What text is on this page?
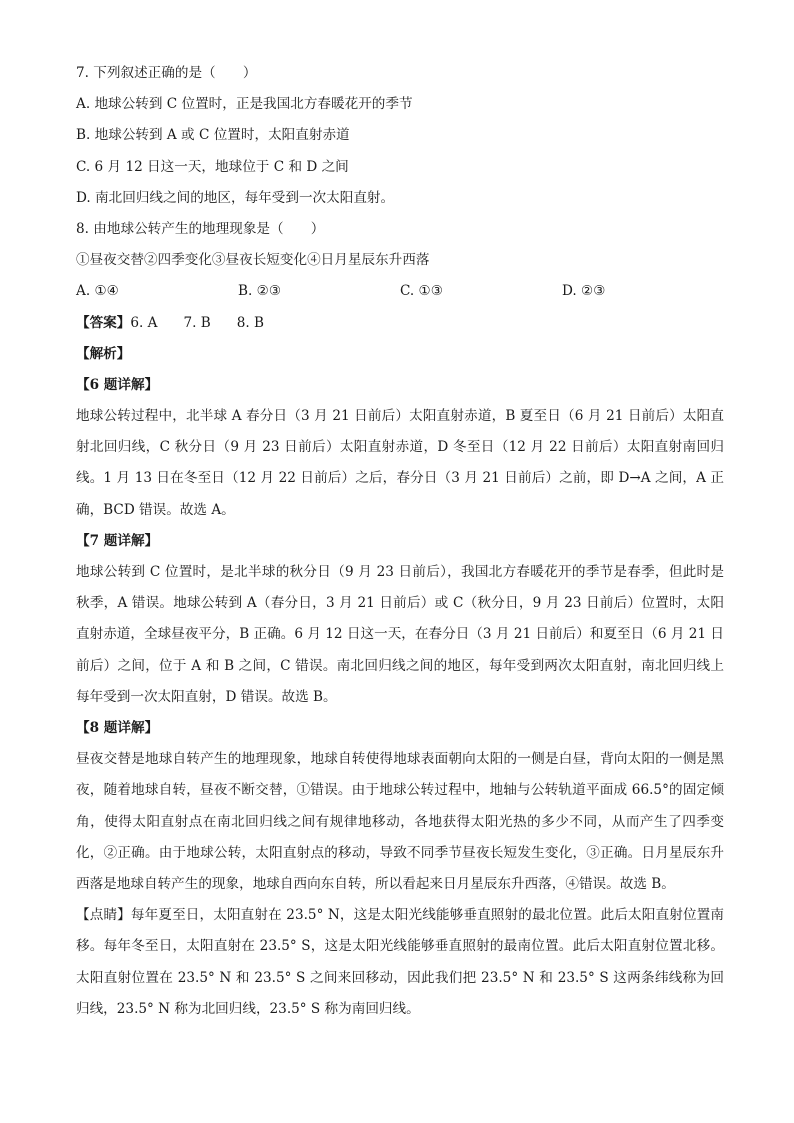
7. 下列叙述正确的是（　　）
A. 地球公转到 C 位置时，正是我国北方春暖花开的季节
B. 地球公转到 A 或 C 位置时，太阳直射赤道
C. 6 月 12 日这一天，地球位于 C 和 D 之间
D. 南北回归线之间的地区，每年受到一次太阳直射。
8. 由地球公转产生的地理现象是（　　）
①昼夜交替②四季变化③昼夜长短变化④日月星辰东升西落
A. ①④	B. ②③	C. ①③	D. ②③
【答案】6. A 7. B 8. B
【解析】
【6 题详解】

地球公转过程中，北半球 A 春分日（3 月 21 日前后）太阳直射赤道，B 夏至日（6 月 21 日前后）太阳直射北回归线，C 秋分日（9 月 23 日前后）太阳直射赤道，D 冬至日（12 月 22 日前后）太阳直射南回归线。1 月 13 日在冬至日（12 月 22 日前后）之后，春分日（3 月 21 日前后）之前，即 D→A 之间，A 正确，BCD 错误。故选 A。

【7 题详解】

地球公转到 C 位置时，是北半球的秋分日（9 月 23 日前后），我国北方春暖花开的季节是春季，但此时是秋季，A 错误。地球公转到 A（春分日，3 月 21 日前后）或 C（秋分日，9 月 23 日前后）位置时，太阳直射赤道，全球昼夜平分，B 正确。6 月 12 日这一天，在春分日（3 月 21 日前后）和夏至日（6 月 21 日前后）之间，位于 A 和 B 之间，C 错误。南北回归线之间的地区，每年受到两次太阳直射，南北回归线上每年受到一次太阳直射，D 错误。故选 B。

【8 题详解】

昼夜交替是地球自转产生的地理现象，地球自转使得地球表面朝向太阳的一侧是白昼，背向太阳的一侧是黑夜，随着地球自转，昼夜不断交替，①错误。由于地球公转过程中，地轴与公转轨道平面成 66.5°的固定倾角，使得太阳直射点在南北回归线之间有规律地移动，各地获得太阳光热的多少不同，从而产生了四季变化，②正确。由于地球公转，太阳直射点的移动，导致不同季节昼夜长短发生变化，③正确。日月星辰东升西落是地球自转产生的现象，地球自西向东自转，所以看起来日月星辰东升西落，④错误。故选 B。

【点睛】每年夏至日，太阳直射在 23.5° N，这是太阳光线能够垂直照射的最北位置。此后太阳直射位置南移。每年冬至日，太阳直射在 23.5° S，这是太阳光线能够垂直照射的最南位置。此后太阳直射位置北移。太阳直射位置在 23.5° N 和 23.5° S 之间来回移动，因此我们把 23.5° N 和 23.5° S 这两条纬线称为回归线，23.5° N 称为北回归线，23.5° S 称为南回归线。
